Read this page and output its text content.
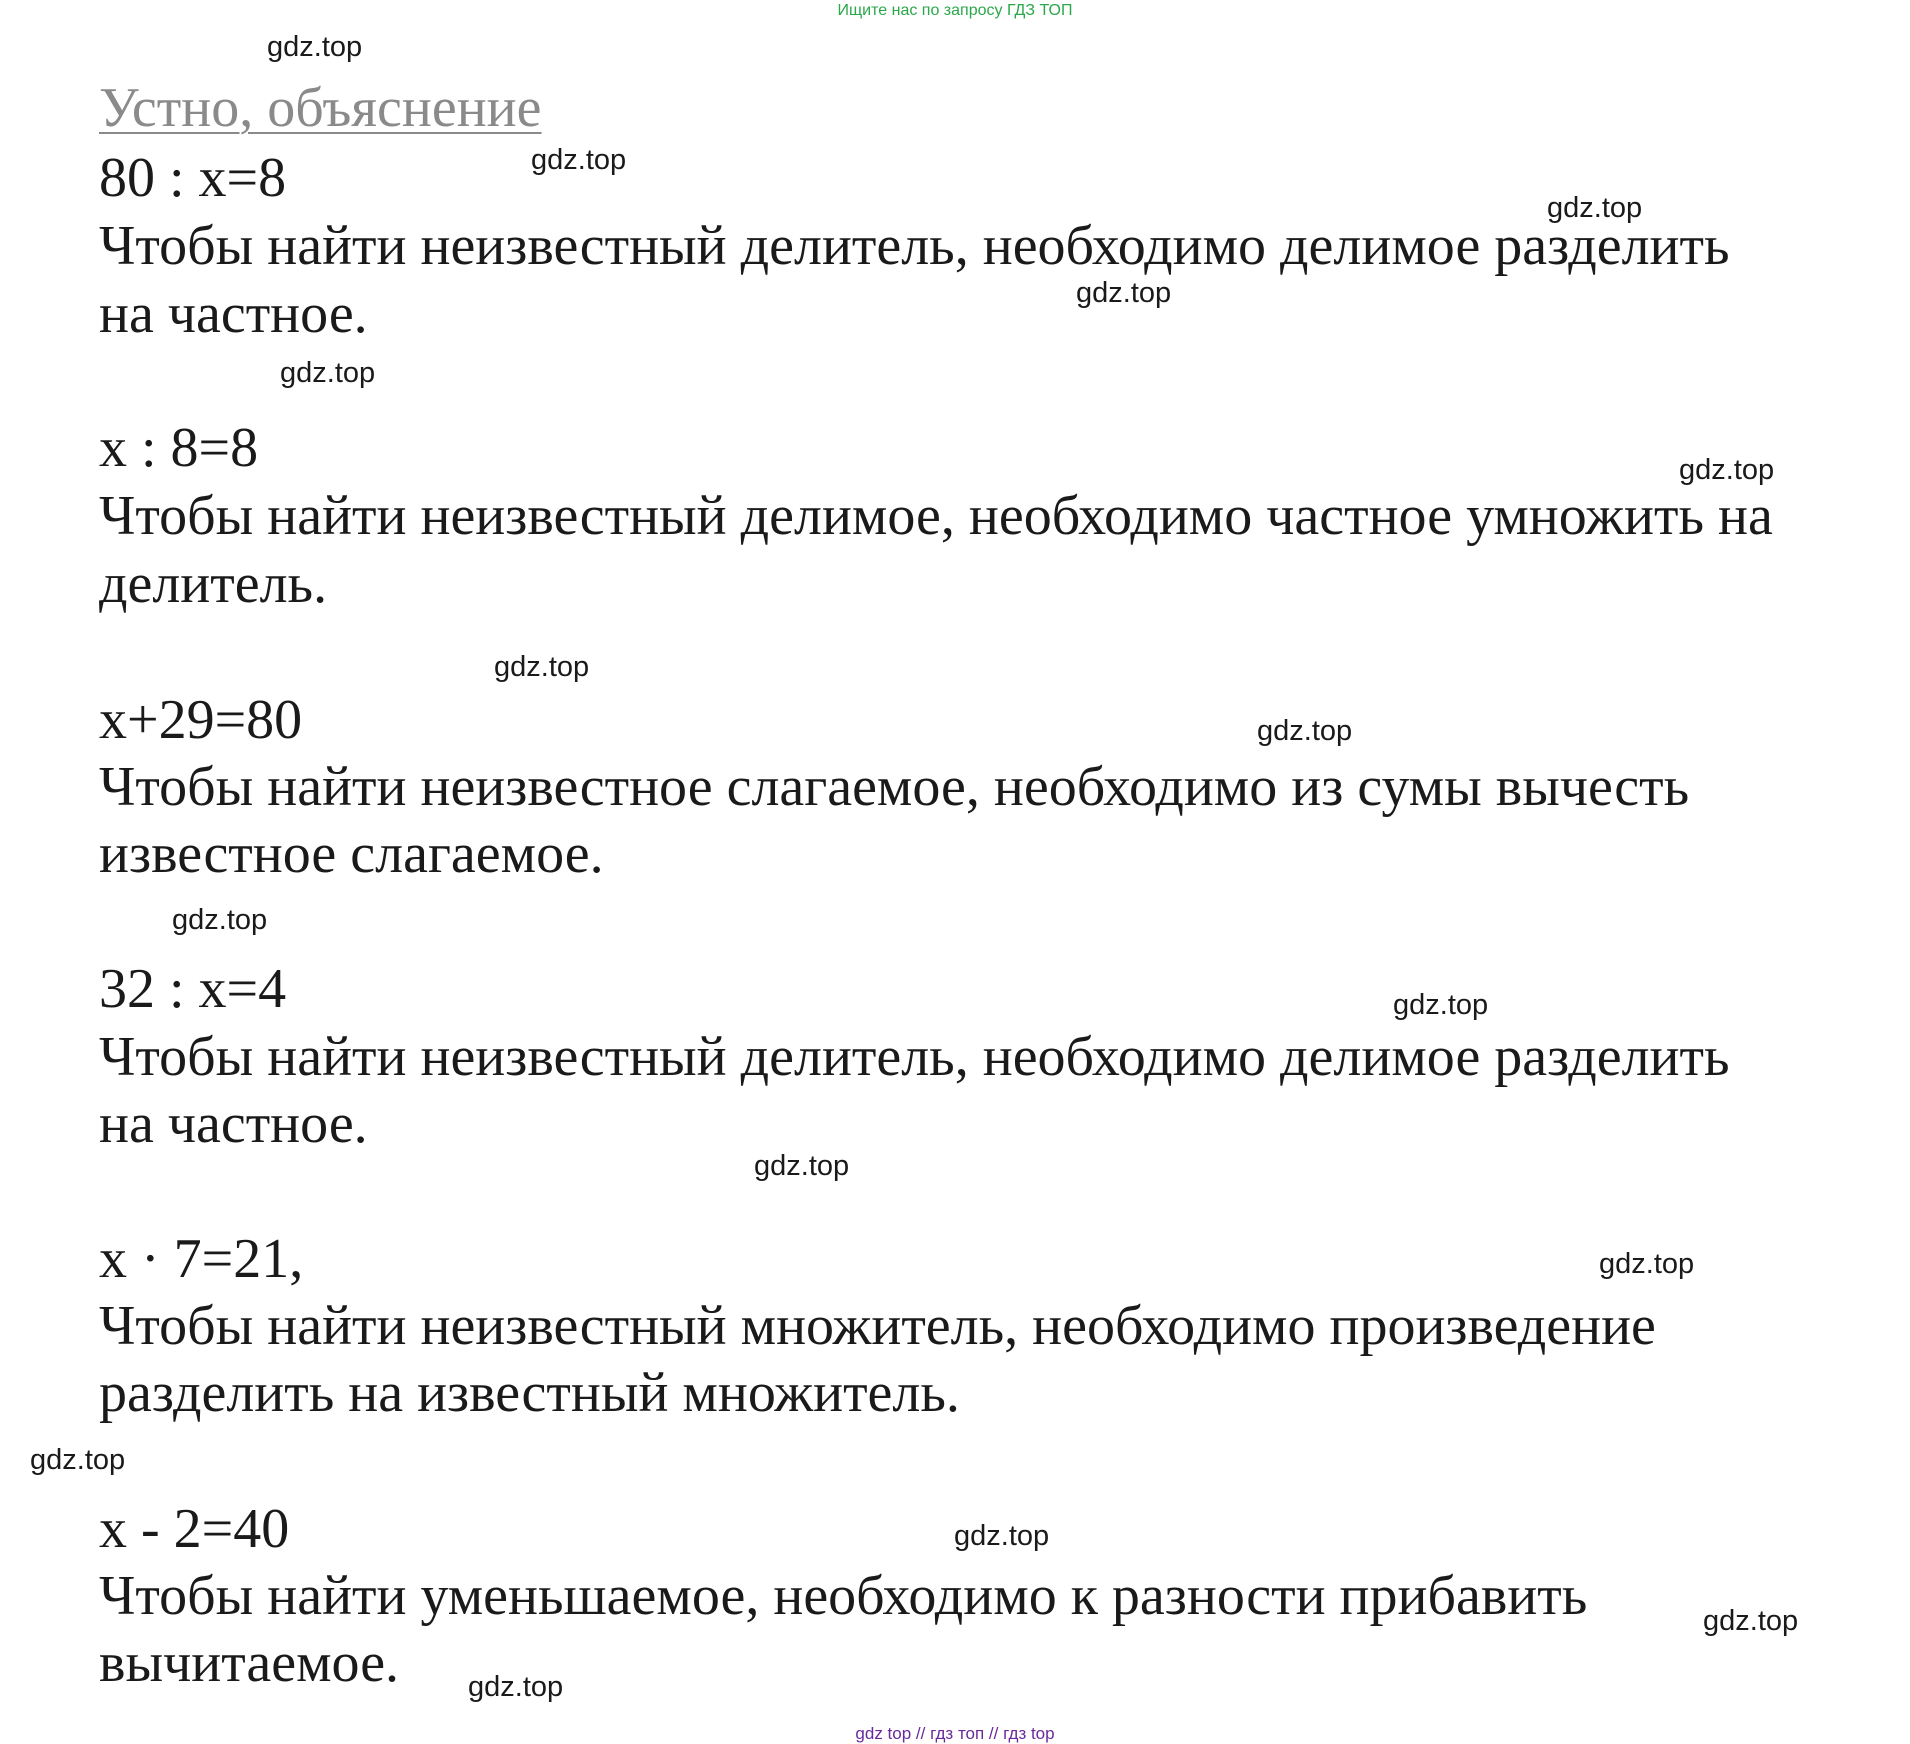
Ищите нас по запросу ГДЗ ТОП
Устно, объяснение
80 : x=8
Чтобы найти неизвестный делитель, необходимо делимое разделить
на частное.
x : 8=8
Чтобы найти неизвестный делимое, необходимо частное умножить на
делитель.
x+29=80
Чтобы найти неизвестное слагаемое, необходимо из сумы вычесть
известное слагаемое.
32 : x=4
Чтобы найти неизвестный делитель, необходимо делимое разделить
на частное.
x · 7=21,
Чтобы найти неизвестный множитель, необходимо произведение
разделить на известный множитель.
x - 2=40
Чтобы найти уменьшаемое, необходимо к разности прибавить
вычитаемое.
gdz.top
gdz.top
gdz.top
gdz.top
gdz.top
gdz.top
gdz.top
gdz.top
gdz.top
gdz.top
gdz.top
gdz.top
gdz.top
gdz.top
gdz.top
gdz.top
gdz top // гдз топ // гдз top
